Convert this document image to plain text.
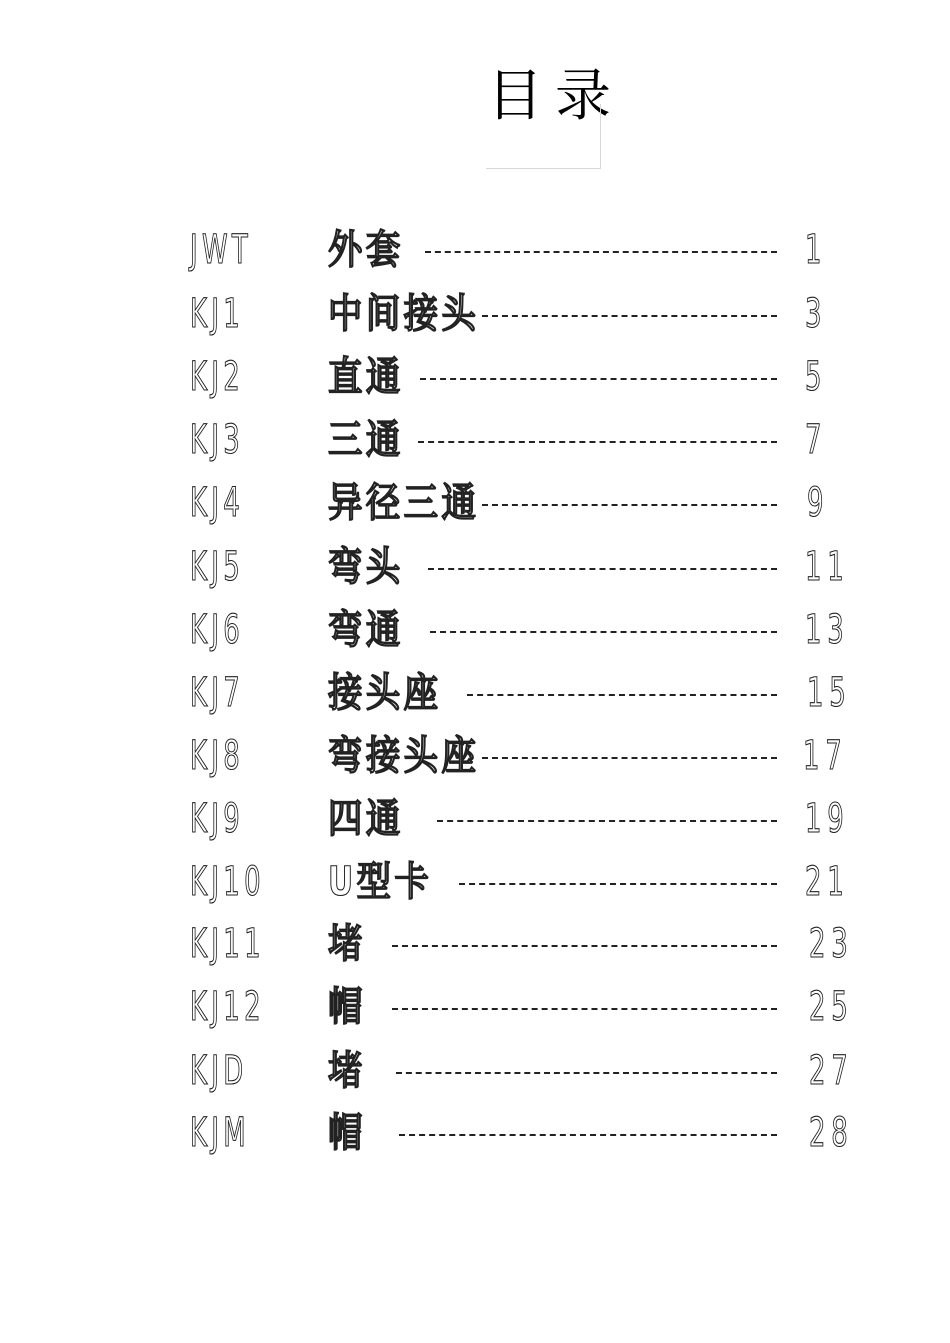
目录
JWT 外套	1
KJ1 中间接头	3
KJ2 直通	5
KJ3 三通	7
KJ4 异径三通	9
KJ5 弯头	11
KJ6 弯通	13
KJ7 接头座	15
KJ8 弯接头座	17
KJ9 四通	19
KJ10 U型卡	21
KJ11 堵	23
KJ12 帽	25
KJD 堵	27
KJM 帽	28
